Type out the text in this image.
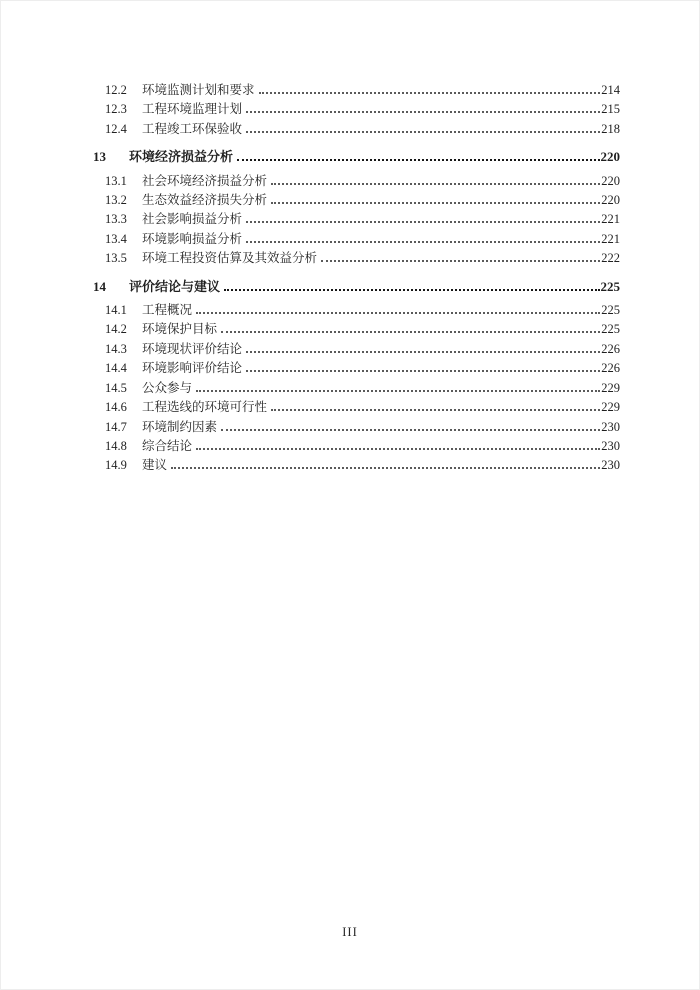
12.2	环境监测计划和要求	214
12.3	工程环境监理计划	215
12.4	工程竣工环保验收	218
13	环境经济损益分析	220
13.1	社会环境经济损益分析	220
13.2	生态效益经济损失分析	220
13.3	社会影响损益分析	221
13.4	环境影响损益分析	221
13.5	环境工程投资估算及其效益分析	222
14	评价结论与建议	225
14.1	工程概况	225
14.2	环境保护目标	225
14.3	环境现状评价结论	226
14.4	环境影响评价结论	226
14.5	公众参与	229
14.6	工程选线的环境可行性	229
14.7	环境制约因素	230
14.8	综合结论	230
14.9	建议	230
III
